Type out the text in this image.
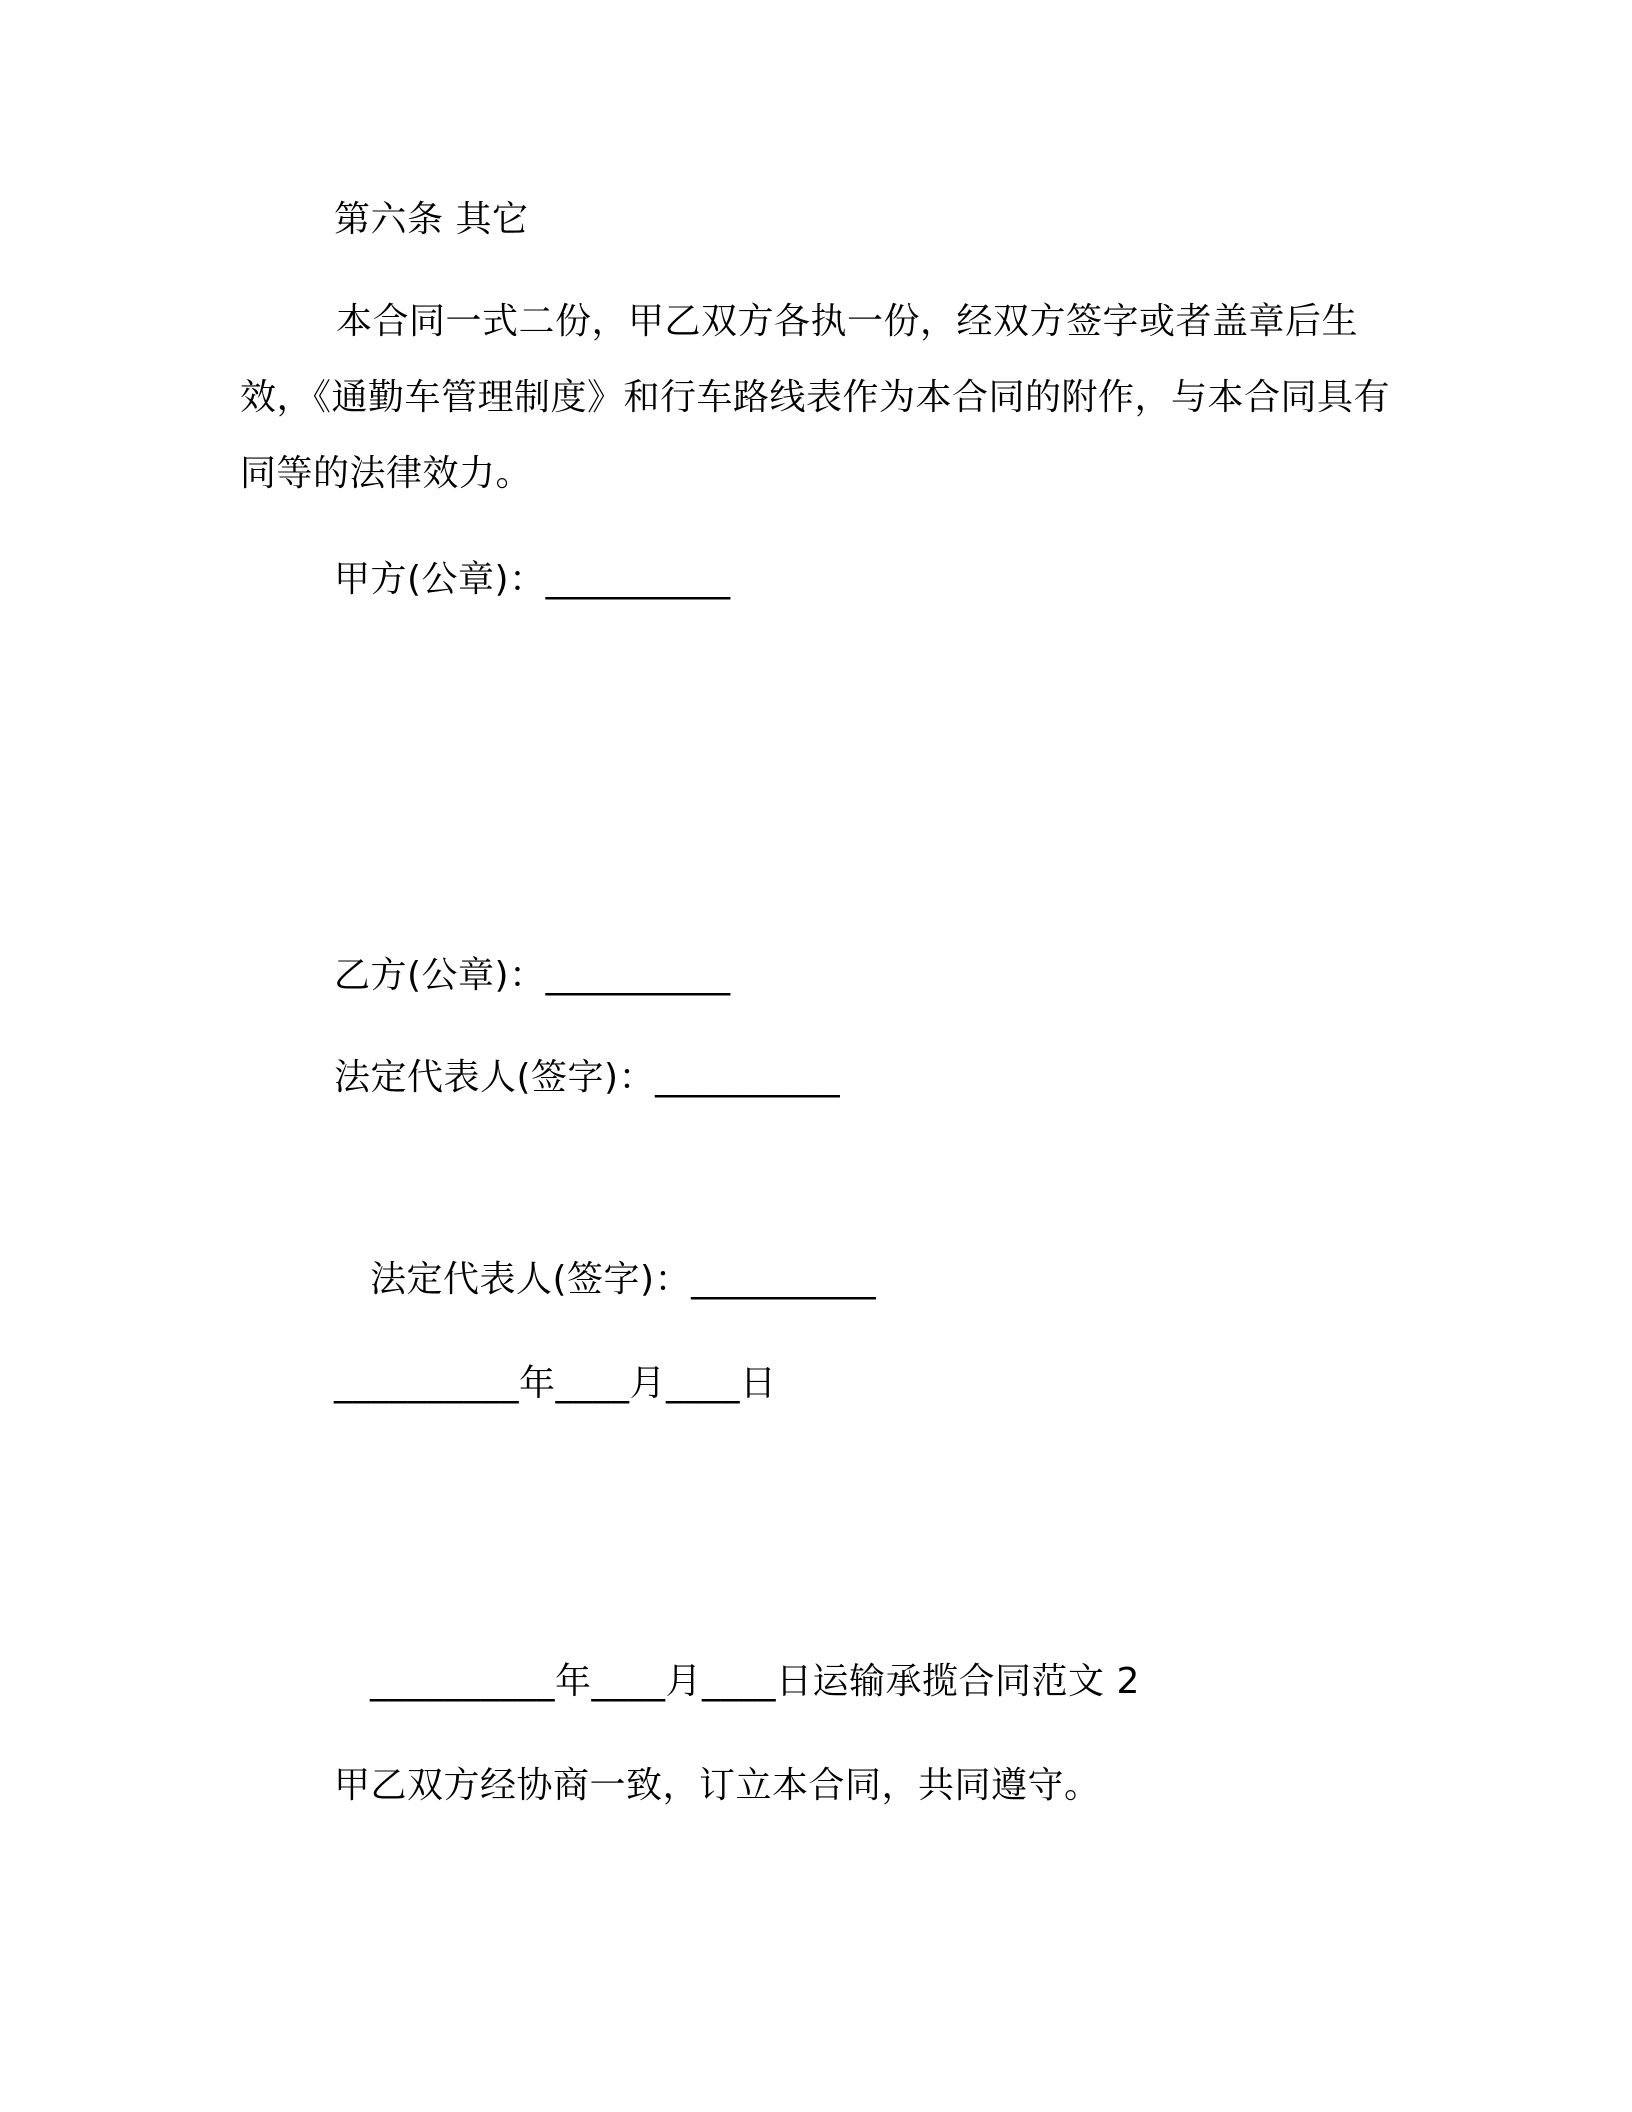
第六条 其它
本合同一式二份，甲乙双方各执一份，经双方签字或者盖章后生效，《通勤车管理制度》和行车路线表作为本合同的附作，与本合同具有同等的法律效力。
甲方(公章)：__________
乙方(公章)：__________
法定代表人(签字)：__________
法定代表人(签字)：__________
__________年____月____日
__________年____月____日运输承揽合同范文 2
甲乙双方经协商一致，订立本合同，共同遵守。
